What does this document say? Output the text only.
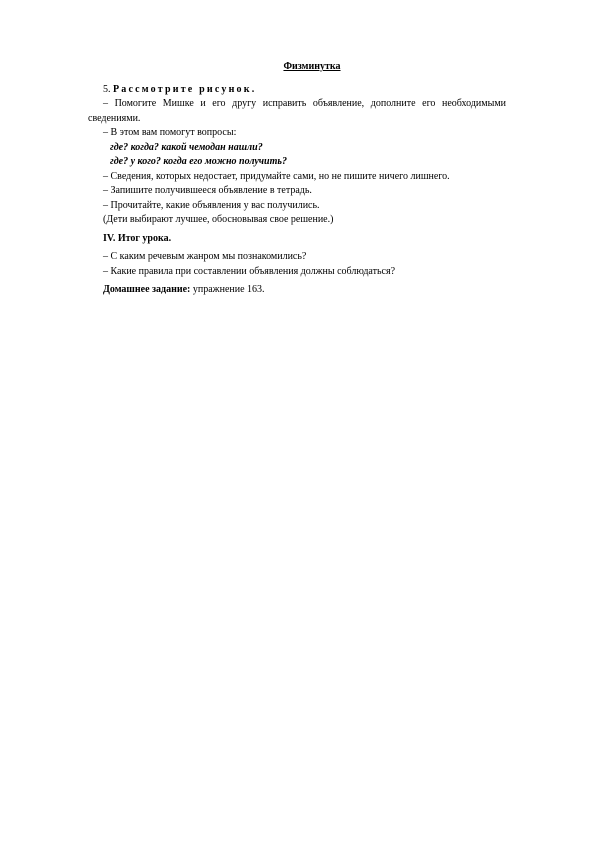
Физминутка

5. Рассмотрите рисунок.

– Помогите Мишке и его другу исправить объявление, дополните его необходимыми сведениями.

– В этом вам помогут вопросы:

где? когда? какой чемодан нашли?

где? у кого? когда его можно получить?

– Сведения, которых недостает, придумайте сами, но не пишите ничего лишнего.

– Запишите получившееся объявление в тетрадь.

– Прочитайте, какие объявления у вас получились.

(Дети выбирают лучшее, обосновывая свое решение.)

IV. Итог урока.

– С каким речевым жанром мы познакомились?

– Какие правила при составлении объявления должны соблюдаться?

Домашнее задание: упражнение 163.
